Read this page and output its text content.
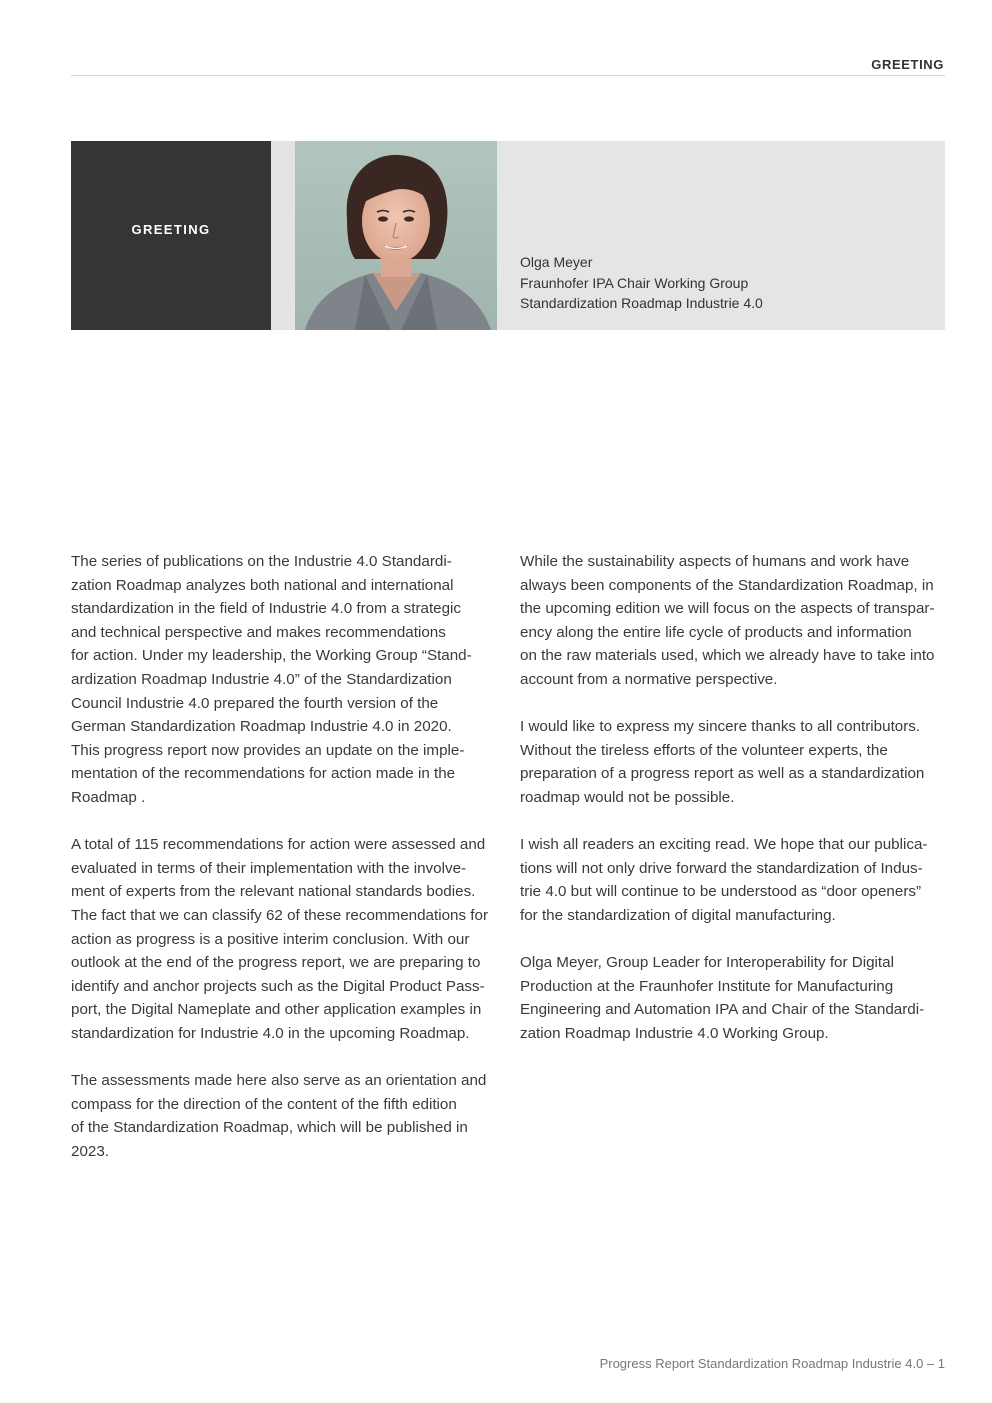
GREETING
GREETING
Olga Meyer
Fraunhofer IPA Chair Working Group
Standardization Roadmap Industrie 4.0

The series of publications on the Industrie 4.0 Standardi-
zation Roadmap analyzes both national and international
standardization in the field of Industrie 4.0 from a strategic
and technical perspective and makes recommendations
for action. Under my leadership, the Working Group “Stand-
ardization Roadmap Industrie 4.0” of the Standardization
Council Industrie 4.0 prepared the fourth version of the
German Standardization Roadmap Industrie 4.0 in 2020.
This progress report now provides an update on the imple-
mentation of the recommendations for action made in the
Roadmap .

A total of 115 recommendations for action were assessed and
evaluated in terms of their implementation with the involve-
ment of experts from the relevant national standards bodies.
The fact that we can classify 62 of these recommendations for
action as progress is a positive interim conclusion. With our
outlook at the end of the progress report, we are preparing to
identify and anchor projects such as the Digital Product Pass-
port, the Digital Nameplate and other application examples in
standardization for Industrie 4.0 in the upcoming Roadmap.

The assessments made here also serve as an orientation and
compass for the direction of the content of the fifth edition
of the Standardization Roadmap, which will be published in
2023.

While the sustainability aspects of humans and work have
always been components of the Standardization Roadmap, in
the upcoming edition we will focus on the aspects of transpar-
ency along the entire life cycle of products and information
on the raw materials used, which we already have to take into
account from a normative perspective.

I would like to express my sincere thanks to all contributors.
Without the tireless efforts of the volunteer experts, the
preparation of a progress report as well as a standardization
roadmap would not be possible.

I wish all readers an exciting read. We hope that our publica-
tions will not only drive forward the standardization of Indus-
trie 4.0 but will continue to be understood as “door openers”
for the standardization of digital manufacturing.

Olga Meyer, Group Leader for Interoperability for Digital
Production at the Fraunhofer Institute for Manufacturing
Engineering and Automation IPA and Chair of the Standardi-
zation Roadmap Industrie 4.0 Working Group.

Progress Report Standardization Roadmap Industrie 4.0 – 1
